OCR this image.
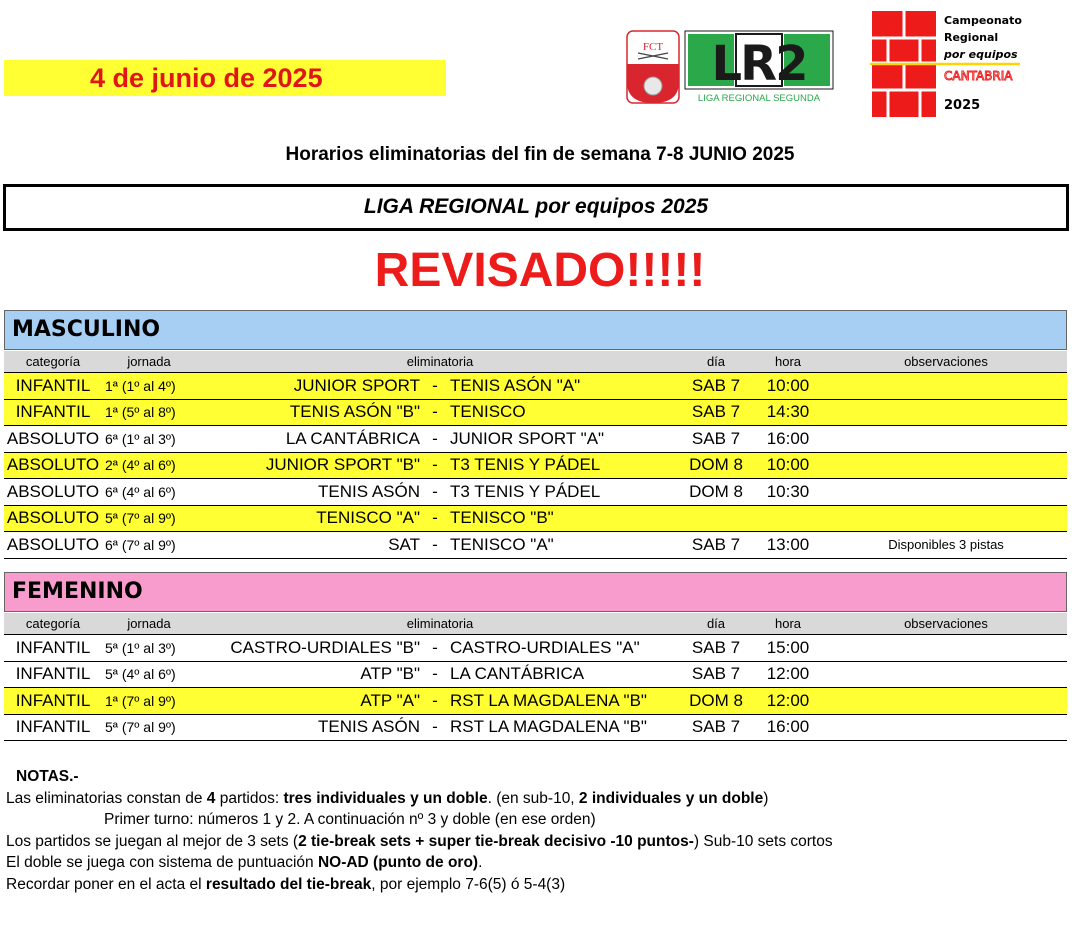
4 de junio de 2025
FCT LR2
LIGA REGIONAL SEGUNDA
Campeonato
Regional
por equipos
CANTABRIA
2025
Horarios eliminatorias del fin de semana 7-8 JUNIO 2025
LIGA REGIONAL por equipos 2025
REVISADO!!!!!
MASCULINO
categoría	jornada	eliminatoria	día	hora	observaciones
INFANTIL	1ª (1º al 4º)	JUNIOR SPORT - TENIS ASÓN "A"	SAB 7	10:00
INFANTIL	1ª (5º al 8º)	TENIS ASÓN "B" - TENISCO	SAB 7	14:30
ABSOLUTO 6ª (1º al 3º)	LA CANTÁBRICA - JUNIOR SPORT "A"	SAB 7	16:00
ABSOLUTO 2ª (4º al 6º)	JUNIOR SPORT "B" - T3 TENIS Y PÁDEL	DOM 8	10:00
ABSOLUTO 6ª (4º al 6º)	TENIS ASÓN - T3 TENIS Y PÁDEL	DOM 8	10:30
ABSOLUTO 5ª (7º al 9º)	TENISCO "A" - TENISCO "B"
ABSOLUTO 6ª (7º al 9º)	SAT - TENISCO "A"	SAB 7	13:00	Disponibles 3 pistas
FEMENINO
categoría	jornada	eliminatoria	día	hora	observaciones
INFANTIL	5ª (1º al 3º)	CASTRO-URDIALES "B" - CASTRO-URDIALES "A"	SAB 7	15:00
INFANTIL	5ª (4º al 6º)	ATP "B" - LA CANTÁBRICA	SAB 7	12:00
INFANTIL	1ª (7º al 9º)	ATP "A" - RST LA MAGDALENA "B"	DOM 8	12:00
INFANTIL	5ª (7º al 9º)	TENIS ASÓN - RST LA MAGDALENA "B"	SAB 7	16:00
NOTAS.-
Las eliminatorias constan de 4 partidos: tres individuales y un doble. (en sub-10, 2 individuales y un doble)
Primer turno: números 1 y 2. A continuación nº 3 y doble (en ese orden)
Los partidos se juegan al mejor de 3 sets (2 tie-break sets + super tie-break decisivo -10 puntos-) Sub-10 sets cortos
El doble se juega con sistema de puntuación NO-AD (punto de oro).
Recordar poner en el acta el resultado del tie-break, por ejemplo 7-6(5) ó 5-4(3)
